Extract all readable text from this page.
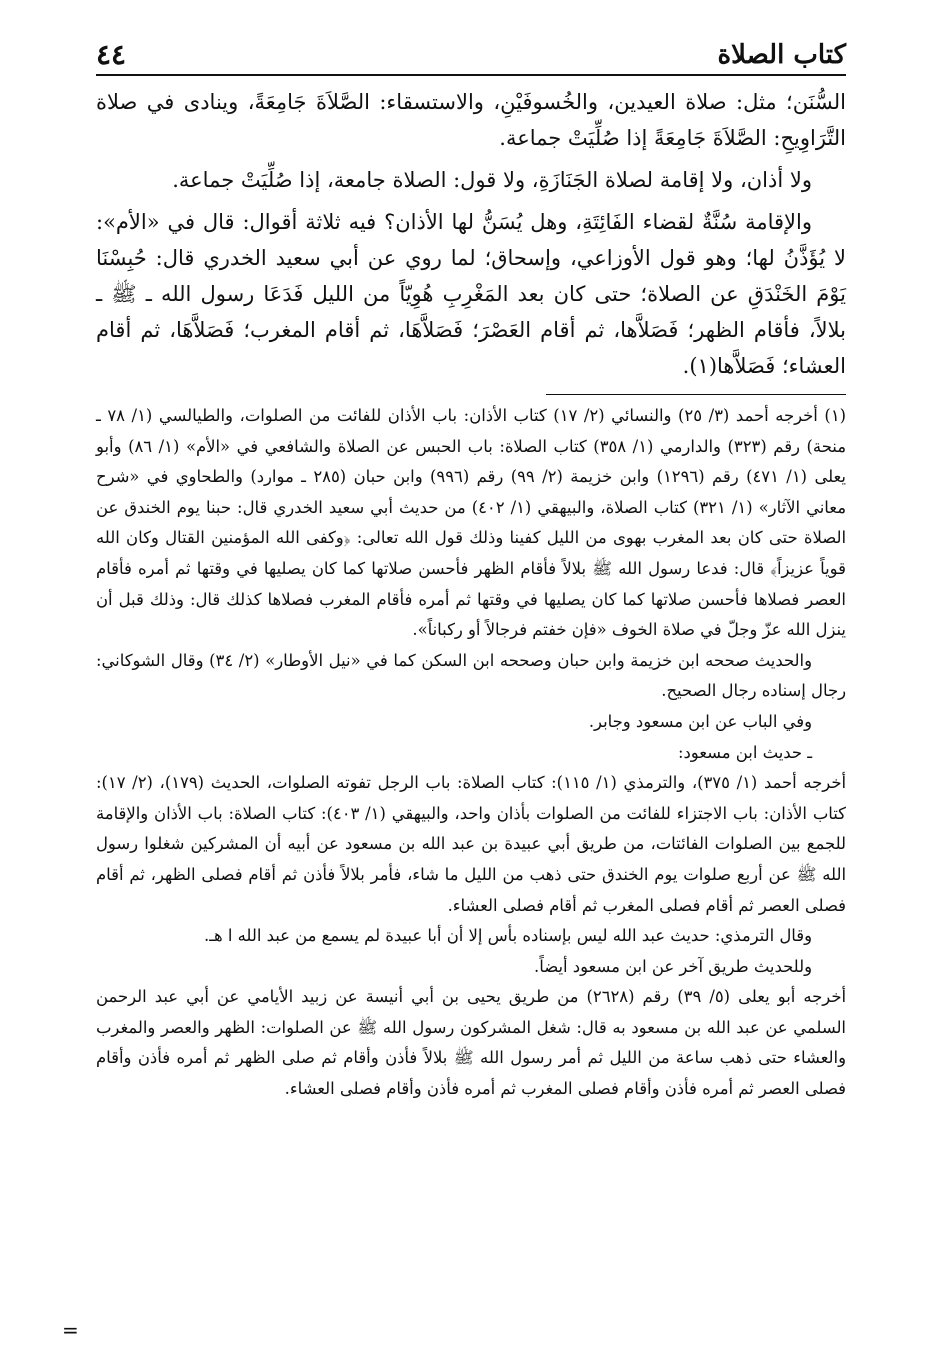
كتاب الصلاة
٤٤

السُّنَن؛ مثل: صلاة العيدين، والخُسوفَيْنِ، والاستسقاء: الصَّلاَةَ جَامِعَةً، وينادى في صلاة التَّرَاوِيحِ: الصَّلاَةَ جَامِعَةً إذا صُلِّيَتْ جماعة.

ولا أذان، ولا إقامة لصلاة الجَنَازَةِ، ولا قول: الصلاة جامعة، إذا صُلِّيَتْ جماعة.

والإقامة سُنَّةٌ لقضاء الفَائِتَةِ، وهل يُسَنُّ لها الأذان؟ فيه ثلاثة أقوال: قال في «الأم»: لا يُؤَذَّنُ لها؛ وهو قول الأوزاعي، وإسحاق؛ لما روي عن أبي سعيد الخدري قال: حُبِسْنَا يَوْمَ الخَنْدَقِ عن الصلاة؛ حتى كان بعد المَغْرِبِ هُوِيّاً من الليل فَدَعَا رسول الله ـ ﷺ ـ بلالاً، فأقام الظهر؛ فَصَلاَّها، ثم أقام العَصْرَ؛ فَصَلاَّهَا، ثم أقام المغرب؛ فَصَلاَّهَا، ثم أقام العشاء؛ فَصَلاَّها(١).

(١) أخرجه أحمد (٣/ ٢٥) والنسائي (٢/ ١٧) كتاب الأذان: باب الأذان للفائت من الصلوات، والطيالسي (١/ ٧٨ ـ منحة) رقم (٣٢٣) والدارمي (١/ ٣٥٨) كتاب الصلاة: باب الحبس عن الصلاة والشافعي في «الأم» (١/ ٨٦) وأبو يعلى (١/ ٤٧١) رقم (١٢٩٦) وابن خزيمة (٢/ ٩٩) رقم (٩٩٦) وابن حبان (٢٨٥ ـ موارد) والطحاوي في «شرح معاني الآثار» (١/ ٣٢١) كتاب الصلاة، والبيهقي (١/ ٤٠٢) من حديث أبي سعيد الخدري قال: حبنا يوم الخندق عن الصلاة حتى كان بعد المغرب بهوى من الليل كفينا وذلك قول الله تعالى: ﴿وكفى الله المؤمنين القتال وكان الله قوياً عزيزاً﴾ قال: فدعا رسول الله ﷺ بلالاً فأقام الظهر فأحسن صلاتها كما كان يصليها في وقتها ثم أمره فأقام العصر فصلاها فأحسن صلاتها كما كان يصليها في وقتها ثم أمره فأقام المغرب فصلاها كذلك قال: وذلك قبل أن ينزل الله عزّ وجلّ في صلاة الخوف «فإن خفتم فرجالاً أو ركباناً».

والحديث صححه ابن خزيمة وابن حبان وصححه ابن السكن كما في «نيل الأوطار» (٢/ ٣٤) وقال الشوكاني: رجال إسناده رجال الصحيح.

وفي الباب عن ابن مسعود وجابر.

ـ حديث ابن مسعود:

أخرجه أحمد (١/ ٣٧٥)، والترمذي (١/ ١١٥): كتاب الصلاة: باب الرجل تفوته الصلوات، الحديث (١٧٩)، (٢/ ١٧): كتاب الأذان: باب الاجتزاء للفائت من الصلوات بأذان واحد، والبيهقي (١/ ٤٠٣): كتاب الصلاة: باب الأذان والإقامة للجمع بين الصلوات الفائتات، من طريق أبي عبيدة بن عبد الله بن مسعود عن أبيه أن المشركين شغلوا رسول الله ﷺ عن أربع صلوات يوم الخندق حتى ذهب من الليل ما شاء، فأمر بلالاً فأذن ثم أقام فصلى الظهر، ثم أقام فصلى العصر ثم أقام فصلى المغرب ثم أقام فصلى العشاء.

وقال الترمذي: حديث عبد الله ليس بإسناده بأس إلا أن أبا عبيدة لم يسمع من عبد الله ا هـ.

وللحديث طريق آخر عن ابن مسعود أيضاً.

أخرجه أبو يعلى (٥/ ٣٩) رقم (٢٦٢٨) من طريق يحيى بن أبي أنيسة عن زبيد الأيامي عن أبي عبد الرحمن السلمي عن عبد الله بن مسعود به قال: شغل المشركون رسول الله ﷺ عن الصلوات: الظهر والعصر والمغرب والعشاء حتى ذهب ساعة من الليل ثم أمر رسول الله ﷺ بلالاً فأذن وأقام ثم صلى الظهر ثم أمره فأذن وأقام فصلى العصر ثم أمره فأذن وأقام فصلى المغرب ثم أمره فأذن وأقام فصلى العشاء.

=
